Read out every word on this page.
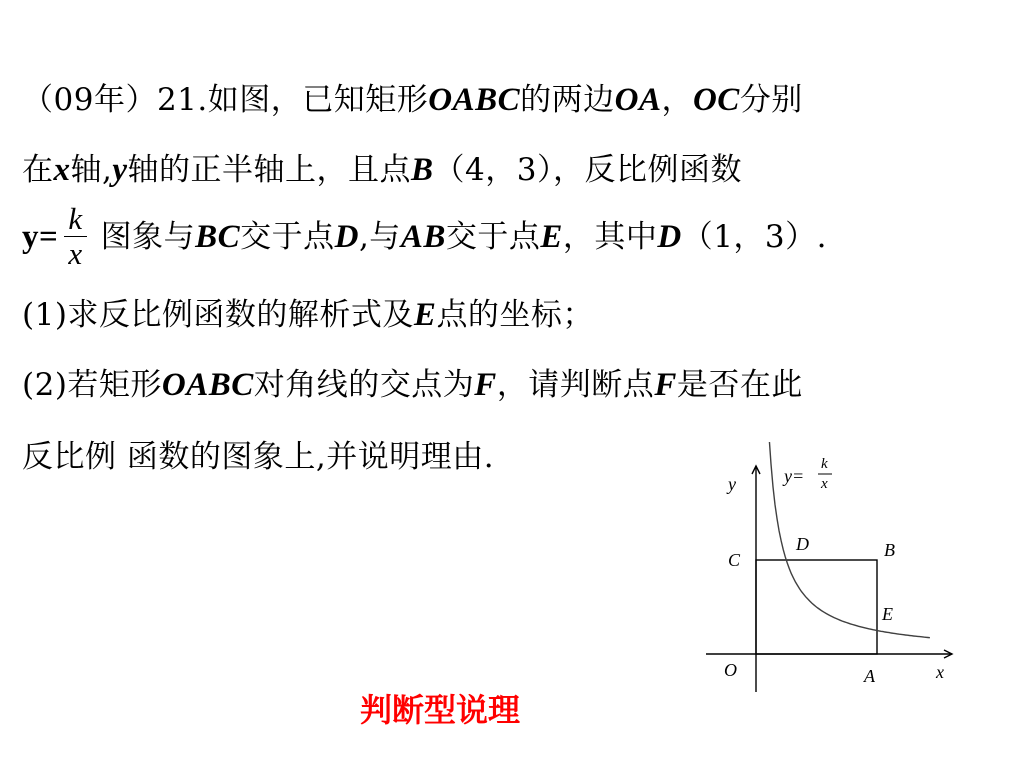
（09年）21.如图，已知矩形OABC的两边OA，OC分别
在x轴,y轴的正半轴上，且点B（4，3），反比例函数
$y= \frac{k}{x}$ 图象与BC交于点D,与AB交于点E，其中D（1，3）.
(1)求反比例函数的解析式及E点的坐标；
(2)若矩形OABC对角线的交点为F，请判断点F是否在此
反比例 函数的图象上,并说明理由.
y
x
y=
k
x
O	A
C
D	B
E
判断型说理
